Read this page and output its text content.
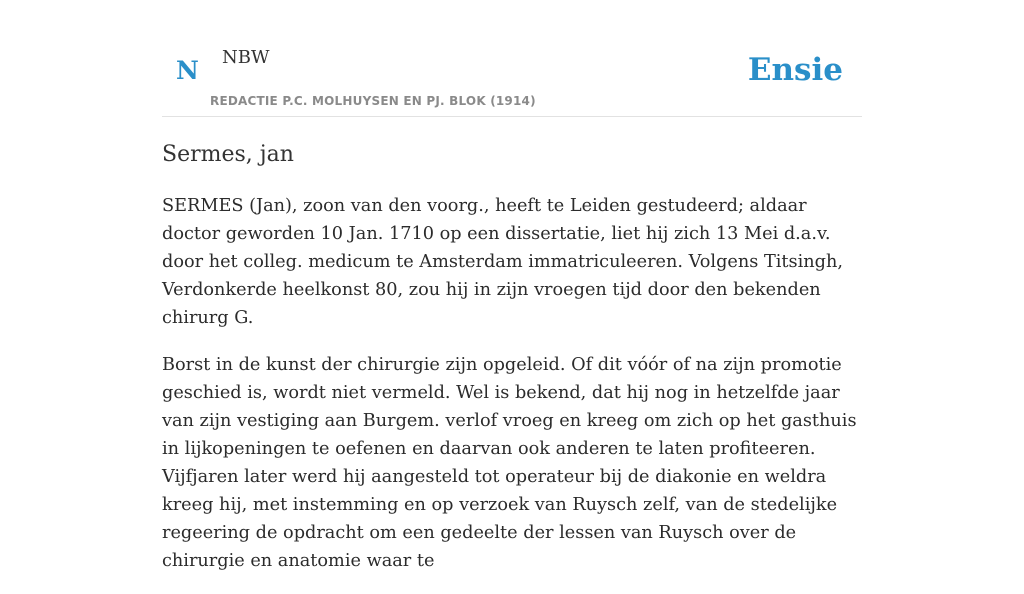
N NBW
REDACTIE P.C. MOLHUYSEN EN PJ. BLOK (1914)
Ensie
Sermes, jan

SERMES (Jan), zoon van den voorg., heeft te Leiden gestudeerd; aldaar doctor geworden 10 Jan. 1710 op een dissertatie, liet hij zich 13 Mei d.a.v. door het colleg. medicum te Amsterdam immatriculeeren. Volgens Titsingh, Verdonkerde heelkonst 80, zou hij in zijn vroegen tijd door den bekenden chirurg G.

Borst in de kunst der chirurgie zijn opgeleid. Of dit vóór of na zijn promotie geschied is, wordt niet vermeld. Wel is bekend, dat hij nog in hetzelfde jaar van zijn vestiging aan Burgem. verlof vroeg en kreeg om zich op het gasthuis in lijkopeningen te oefenen en daarvan ook anderen te laten profiteeren. Vijfjaren later werd hij aangesteld tot operateur bij de diakonie en weldra kreeg hij, met instemming en op verzoek van Ruysch zelf, van de stedelijke regeering de opdracht om een gedeelte der lessen van Ruysch over de chirurgie en anatomie waar te
